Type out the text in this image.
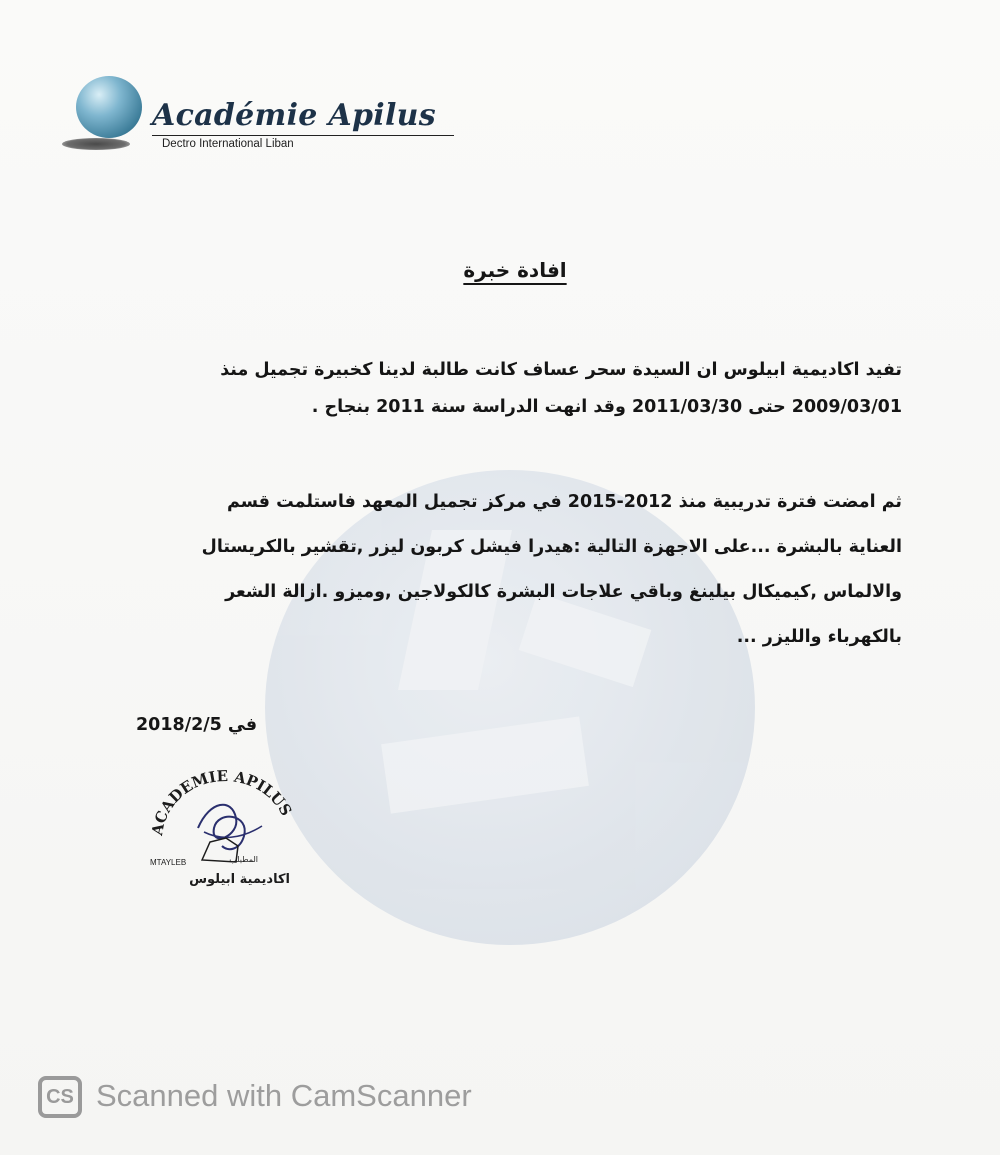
Académie Apilus
Dectro International Liban
افادة خبرة
تفيد اكاديمية ابيلوس ان السيدة سحر عساف كانت طالبة لدينا كخبيرة تجميل منذ
2009/03/01 حتى 2011/03/30 وقد انهت الدراسة سنة 2011 بنجاح .
ثم امضت فترة تدريبية منذ 2012-2015 في مركز تجميل المعهد فاستلمت قسم
العناية بالبشرة ...على الاجهزة التالية :هيدرا فيشل كربون ليزر ,تقشير بالكريستال
والالماس ,كيميكال بيلينغ وباقي علاجات البشرة كالكولاجين ,وميزو .ازالة الشعر
بالكهرباء والليزر ...
في 2018/2/5
ACADEMIE APILUS
MTAYLEB	المطيلب
اكاديمية ابيلوس
CS Scanned with CamScanner
